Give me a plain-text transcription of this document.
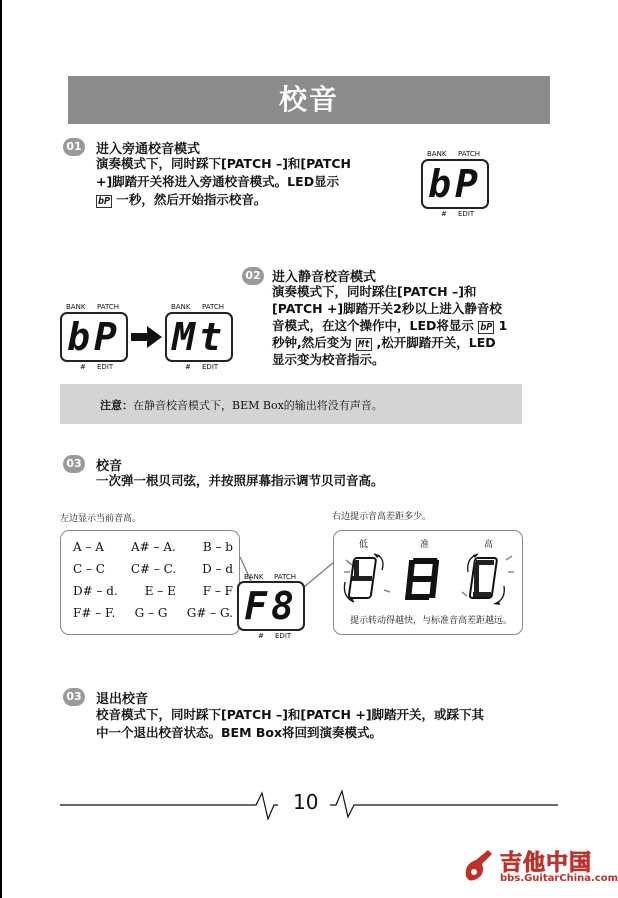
校音
01 进入旁通校音模式
演奏模式下，同时踩下[PATCH –]和[PATCH
+]脚踏开关将进入旁通校音模式。LED显示
bP 一秒，然后开始指示校音。
BANK PATCH
bP
# EDIT
02 进入静音校音模式
演奏模式下，同时踩住[PATCH –]和
[PATCH +]脚踏开关2秒以上进入静音校
音模式，在这个操作中，LED将显示 bP 1
秒钟,然后变为 Mt ,松开脚踏开关，LED
显示变为校音指示。
BANK PATCH
bP
# EDIT
BANK PATCH
Mt
# EDIT
注意：在静音校音模式下，BEM Box的输出将没有声音。
03 校音
一次弹一根贝司弦，并按照屏幕指示调节贝司音高。
左边显示当前音高。	右边提示音高差距多少。
A – A A# – A. B – b
C – C C# – C. D – d
D# – d. E – E F – F
F# – F. G – G G# – G.
BANK PATCH
F8
# EDIT
低	准	高
提示转动得越快，与标准音高差距越远。
03 退出校音
校音模式下，同时踩下[PATCH –]和[PATCH +]脚踏开关，或踩下其
中一个退出校音状态。BEM Box将回到演奏模式。
10
吉他中国
bbs.GuitarChina.com
